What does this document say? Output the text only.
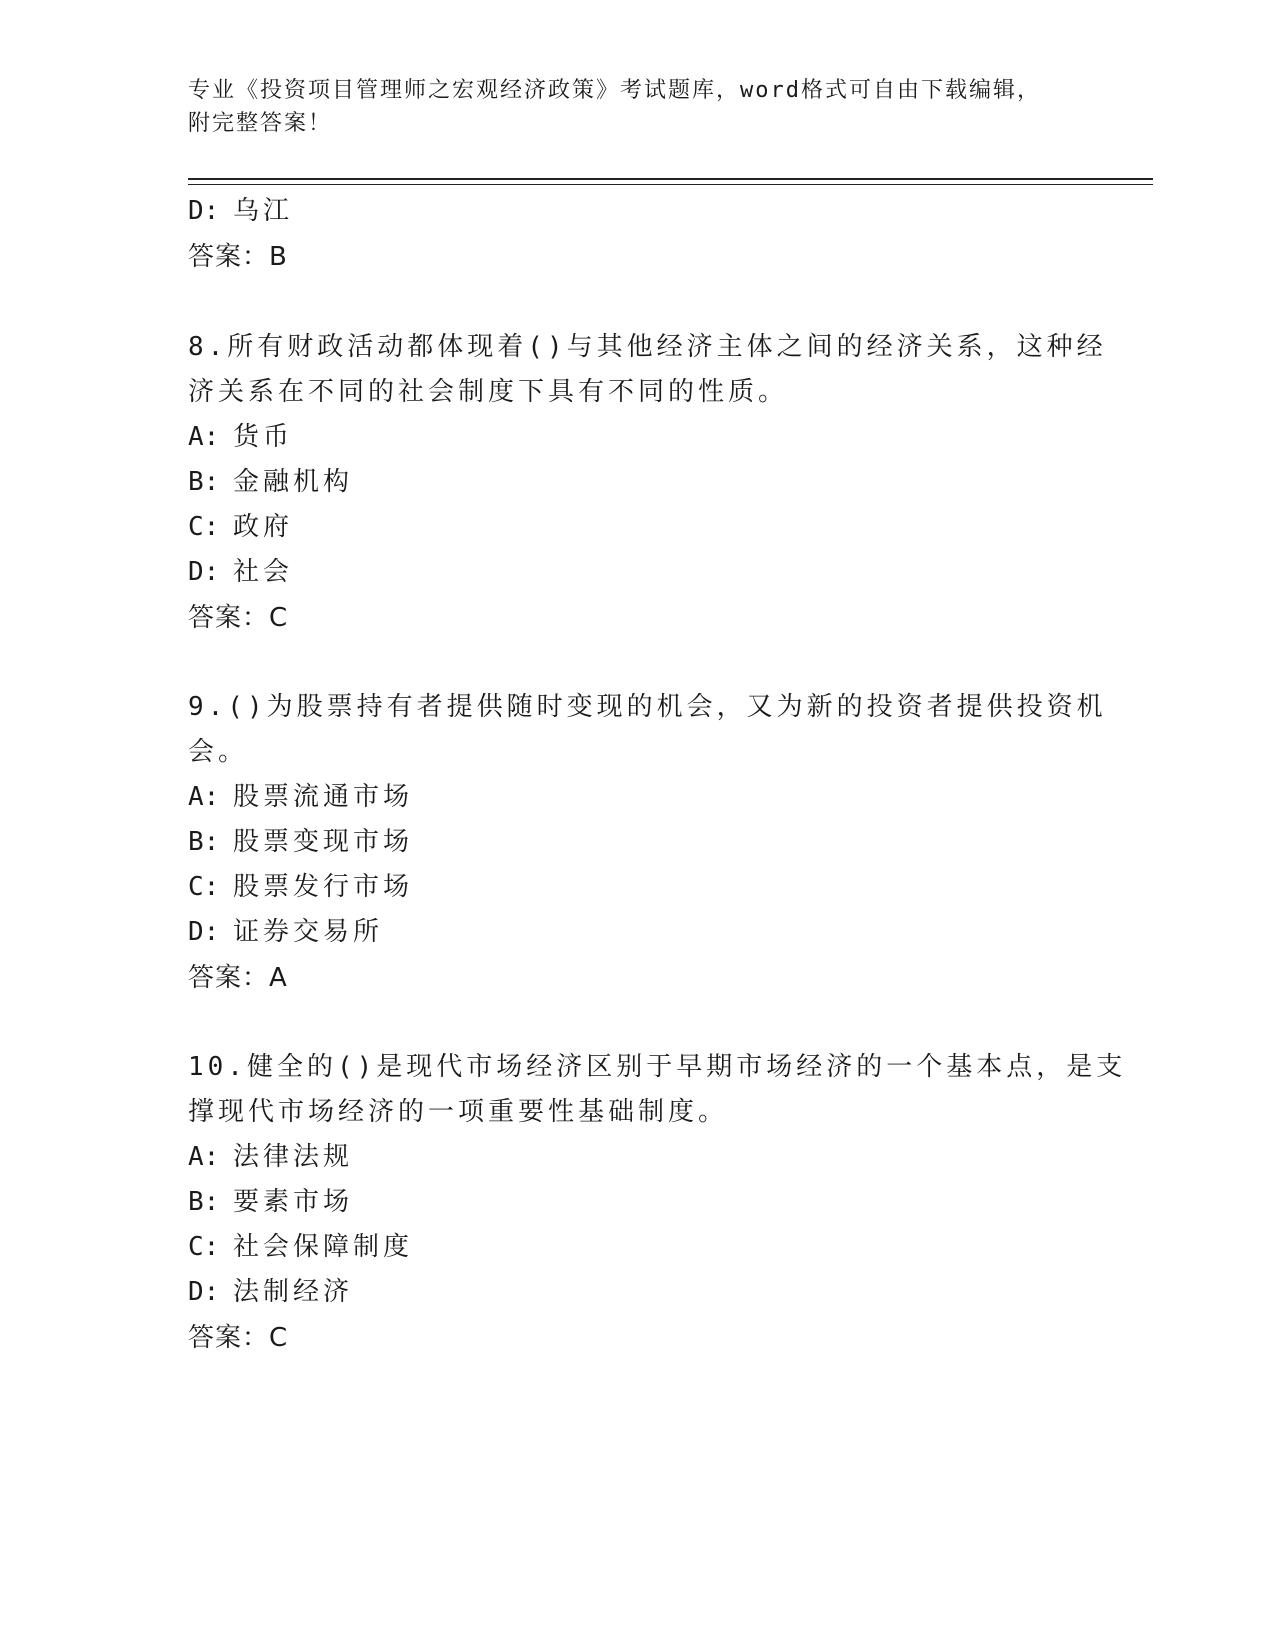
专业《投资项目管理师之宏观经济政策》考试题库，word格式可自由下载编辑，
附完整答案！
D: 乌江
答案：B
8.所有财政活动都体现着()与其他经济主体之间的经济关系，这种经
济关系在不同的社会制度下具有不同的性质。
A: 货币
B: 金融机构
C: 政府
D: 社会
答案：C
9.()为股票持有者提供随时变现的机会，又为新的投资者提供投资机
会。
A: 股票流通市场
B: 股票变现市场
C: 股票发行市场
D: 证券交易所
答案：A
10.健全的()是现代市场经济区别于早期市场经济的一个基本点，是支
撑现代市场经济的一项重要性基础制度。
A: 法律法规
B: 要素市场
C: 社会保障制度
D: 法制经济
答案：C
